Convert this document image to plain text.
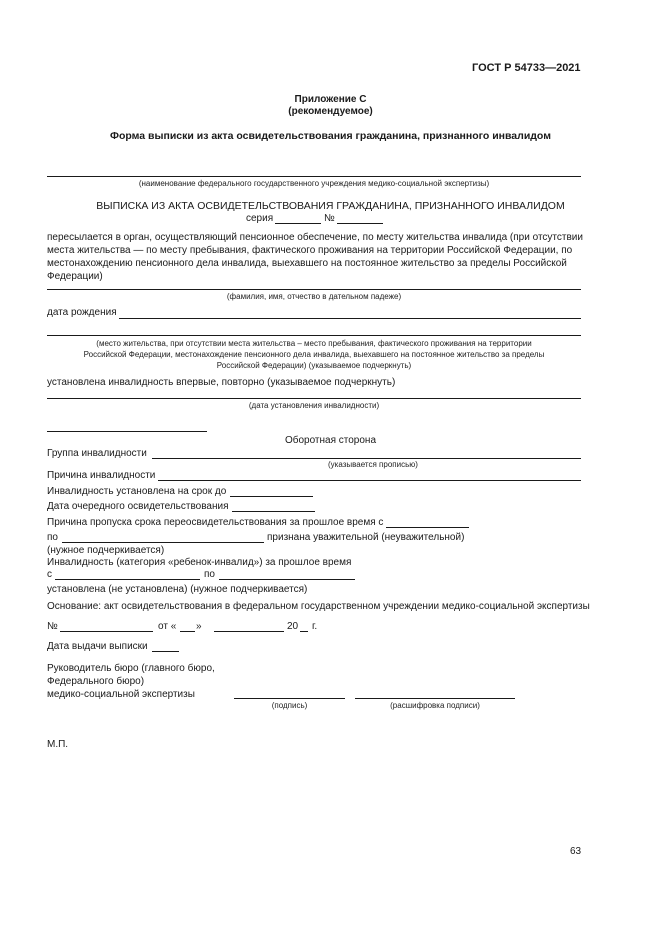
ГОСТ Р 54733—2021
Приложение С
(рекомендуемое)
Форма выписки из акта освидетельствования гражданина, признанного инвалидом
(наименование федерального государственного учреждения медико-социальной экспертизы)
ВЫПИСКА ИЗ АКТА ОСВИДЕТЕЛЬСТВОВАНИЯ ГРАЖДАНИНА, ПРИЗНАННОГО ИНВАЛИДОМ
серия	№
пересылается в орган, осуществляющий пенсионное обеспечение, по месту жительства инвалида (при отсутствии
места жительства — по месту пребывания, фактического проживания на территории Российской Федерации, по
местонахождению пенсионного дела инвалида, выехавшего на постоянное жительство за пределы Российской
Федерации)
(фамилия, имя, отчество в дательном падеже)
дата рождения
(место жительства, при отсутствии места жительства – место пребывания, фактического проживания на территории
Российской Федерации, местонахождение пенсионного дела инвалида, выехавшего на постоянное жительство за пределы
Российской Федерации) (указываемое подчеркнуть)
установлена инвалидность впервые, повторно (указываемое подчеркнуть)
(дата установления инвалидности)
Оборотная сторона
Группа инвалидности
(указывается прописью)
Причина инвалидности
Инвалидность установлена на срок до
Дата очередного освидетельствования
Причина пропуска срока переосвидетельствования за прошлое время с
по	признана уважительной (неуважительной)
(нужное подчеркивается)
Инвалидность (категория «ребенок-инвалид») за прошлое время
с	по
установлена (не установлена) (нужное подчеркивается)
Основание: акт освидетельствования в федеральном государственном учреждении медико-социальной экспертизы
№	от « »	20 г.
Дата выдачи выписки
Руководитель бюро (главного бюро,
Федерального бюро)
медико-социальной экспертизы
(подпись)	(расшифровка подписи)
М.П.
63
